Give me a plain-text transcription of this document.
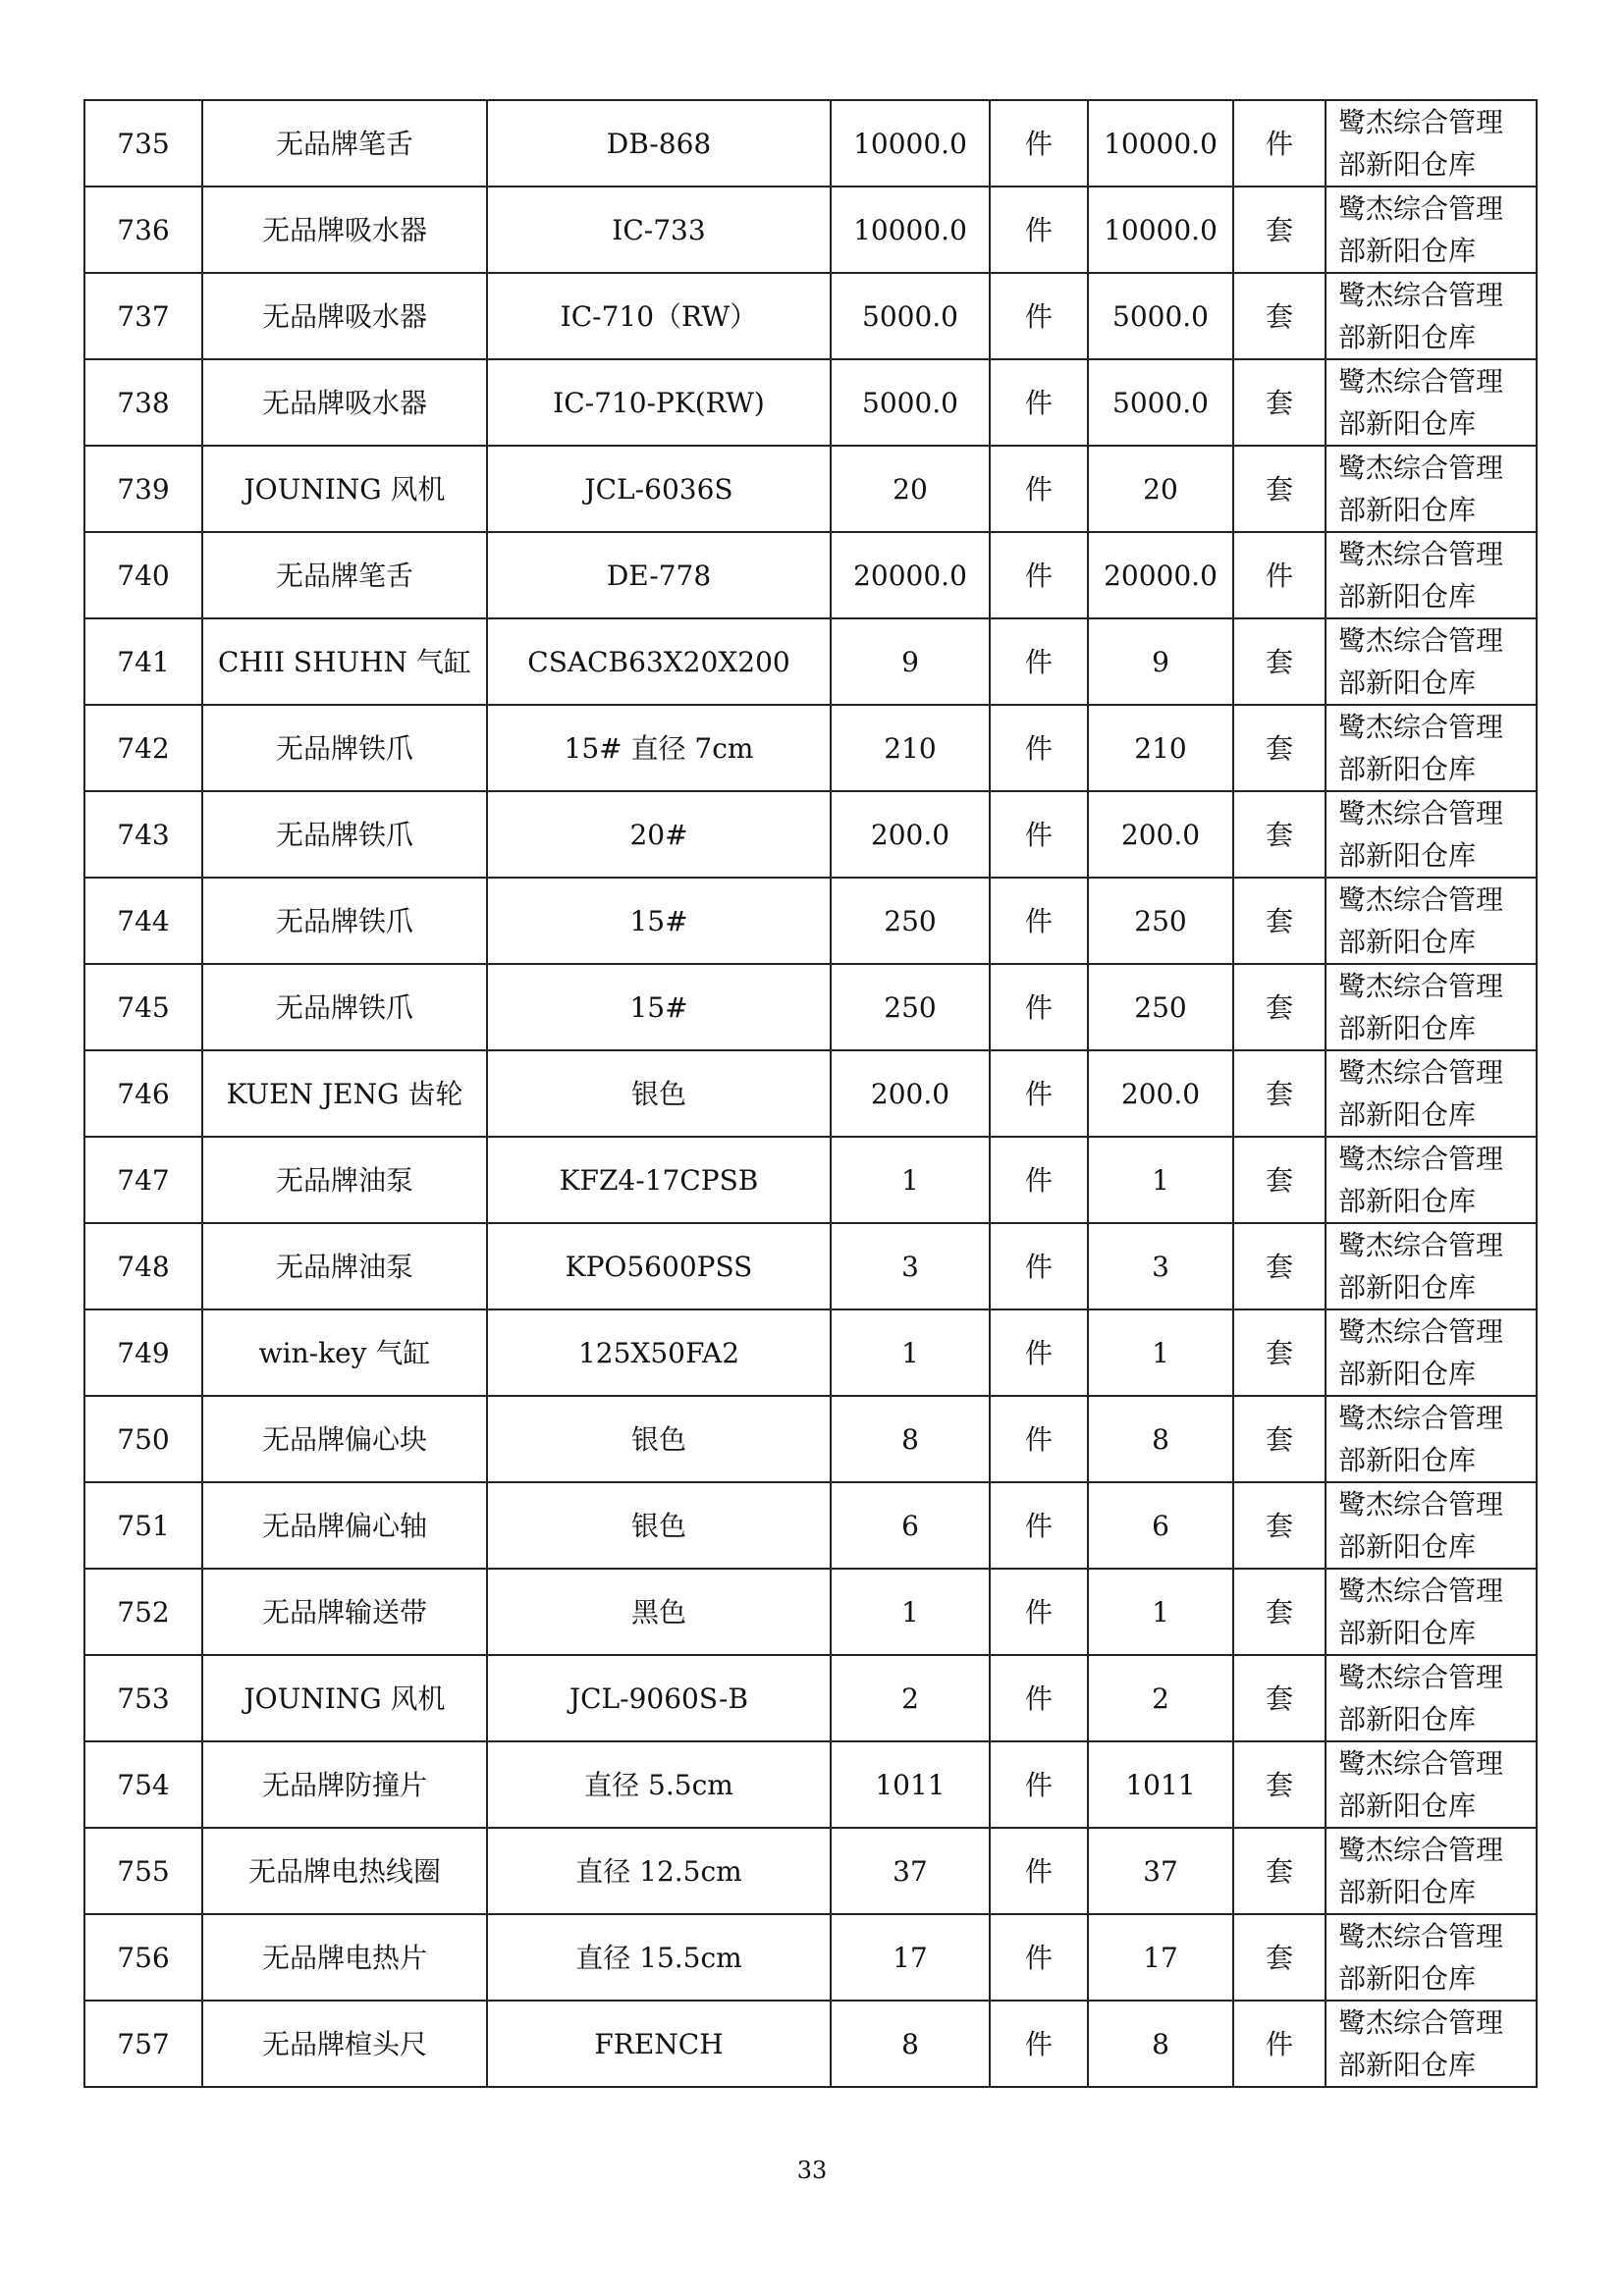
735	无品牌笔舌	DB-868	10000.0	件	10000.0	件	鹭杰综合管理
部新阳仓库

736	无品牌吸水器	IC-733	10000.0	件	10000.0	套	鹭杰综合管理
部新阳仓库

737	无品牌吸水器	IC-710（RW）	5000.0	件	5000.0	套	鹭杰综合管理
部新阳仓库

738	无品牌吸水器	IC-710-PK(RW)	5000.0	件	5000.0	套	鹭杰综合管理
部新阳仓库

739	JOUNING 风机	JCL-6036S	20	件	20	套	鹭杰综合管理
部新阳仓库

740	无品牌笔舌	DE-778	20000.0	件	20000.0	件	鹭杰综合管理
部新阳仓库

741	CHII SHUHN 气缸	CSACB63X20X200	9	件	9	套	鹭杰综合管理
部新阳仓库

742	无品牌铁爪	15# 直径 7cm	210	件	210	套	鹭杰综合管理
部新阳仓库

743	无品牌铁爪	20#	200.0	件	200.0	套	鹭杰综合管理
部新阳仓库

744	无品牌铁爪	15#	250	件	250	套	鹭杰综合管理
部新阳仓库

745	无品牌铁爪	15#	250	件	250	套	鹭杰综合管理
部新阳仓库

746	KUEN JENG 齿轮	银色	200.0	件	200.0	套	鹭杰综合管理
部新阳仓库

747	无品牌油泵	KFZ4-17CPSB	1	件	1	套	鹭杰综合管理
部新阳仓库

748	无品牌油泵	KPO5600PSS	3	件	3	套	鹭杰综合管理
部新阳仓库

749	win-key 气缸	125X50FA2	1	件	1	套	鹭杰综合管理
部新阳仓库

750	无品牌偏心块	银色	8	件	8	套	鹭杰综合管理
部新阳仓库

751	无品牌偏心轴	银色	6	件	6	套	鹭杰综合管理
部新阳仓库

752	无品牌输送带	黑色	1	件	1	套	鹭杰综合管理
部新阳仓库

753	JOUNING 风机	JCL-9060S-B	2	件	2	套	鹭杰综合管理
部新阳仓库

754	无品牌防撞片	直径 5.5cm	1011	件	1011	套	鹭杰综合管理
部新阳仓库

755	无品牌电热线圈	直径 12.5cm	37	件	37	套	鹭杰综合管理
部新阳仓库

756	无品牌电热片	直径 15.5cm	17	件	17	套	鹭杰综合管理
部新阳仓库

757	无品牌楦头尺	FRENCH	8	件	8	件	鹭杰综合管理
部新阳仓库
33
